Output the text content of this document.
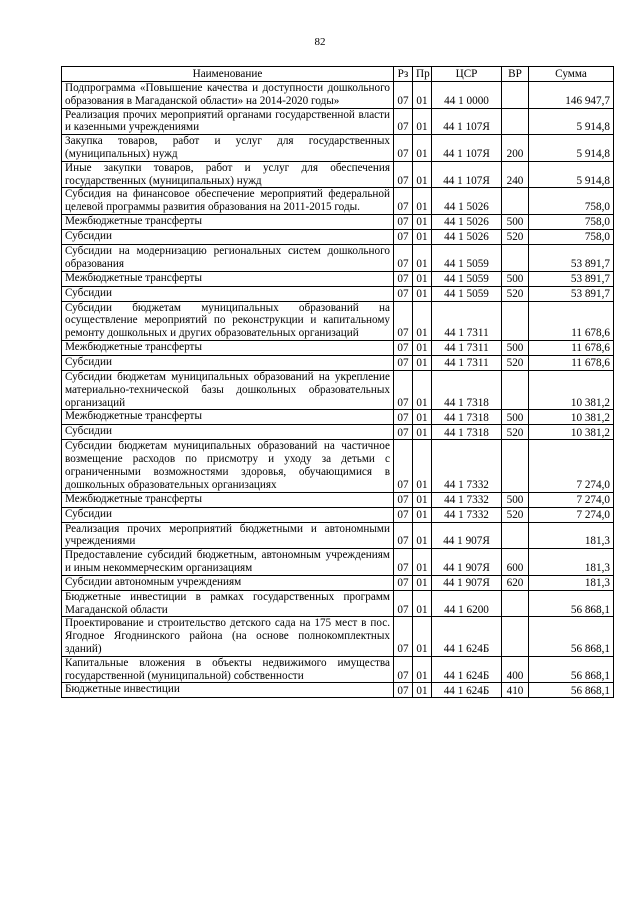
82
Наименование	Рз	Пр	ЦСР	ВР	Сумма
Подпрограмма «Повышение качества и доступности дошкольного образования в Магаданской области» на 2014-2020 годы»	07	01	44 1 0000		146 947,7
Реализация прочих мероприятий органами государственной власти и казенными учреждениями	07	01	44 1 107Я		5 914,8
Закупка товаров, работ и услуг для государственных (муниципальных) нужд	07	01	44 1 107Я	200	5 914,8
Иные закупки товаров, работ и услуг для обеспечения государственных (муниципальных) нужд	07	01	44 1 107Я	240	5 914,8
Субсидия на финансовое обеспечение мероприятий федеральной целевой программы развития образования на 2011-2015 годы.	07	01	44 1 5026		758,0
Межбюджетные трансферты	07	01	44 1 5026	500	758,0
Субсидии	07	01	44 1 5026	520	758,0
Субсидии на модернизацию региональных систем дошкольного образования	07	01	44 1 5059		53 891,7
Межбюджетные трансферты	07	01	44 1 5059	500	53 891,7
Субсидии	07	01	44 1 5059	520	53 891,7
Субсидии бюджетам муниципальных образований на осуществление мероприятий по реконструкции и капитальному ремонту дошкольных и других образовательных организаций	07	01	44 1 7311		11 678,6
Межбюджетные трансферты	07	01	44 1 7311	500	11 678,6
Субсидии	07	01	44 1 7311	520	11 678,6
Субсидии бюджетам муниципальных образований на укрепление материально-технической базы дошкольных образовательных организаций	07	01	44 1 7318		10 381,2
Межбюджетные трансферты	07	01	44 1 7318	500	10 381,2
Субсидии	07	01	44 1 7318	520	10 381,2
Субсидии бюджетам муниципальных образований на частичное возмещение расходов по присмотру и уходу за детьми с ограниченными возможностями здоровья, обучающимися в дошкольных образовательных организациях	07	01	44 1 7332		7 274,0
Межбюджетные трансферты	07	01	44 1 7332	500	7 274,0
Субсидии	07	01	44 1 7332	520	7 274,0
Реализация прочих мероприятий бюджетными и автономными учреждениями	07	01	44 1 907Я		181,3
Предоставление субсидий бюджетным, автономным учреждениям и иным некоммерческим организациям	07	01	44 1 907Я	600	181,3
Субсидии автономным учреждениям	07	01	44 1 907Я	620	181,3
Бюджетные инвестиции в рамках государственных программ Магаданской области	07	01	44 1 6200		56 868,1
Проектирование и строительство детского сада на 175 мест в пос. Ягодное Ягоднинского района (на основе полнокомплектных зданий)	07	01	44 1 624Б		56 868,1
Капитальные вложения в объекты недвижимого имущества государственной (муниципальной) собственности	07	01	44 1 624Б	400	56 868,1
Бюджетные инвестиции	07	01	44 1 624Б	410	56 868,1
